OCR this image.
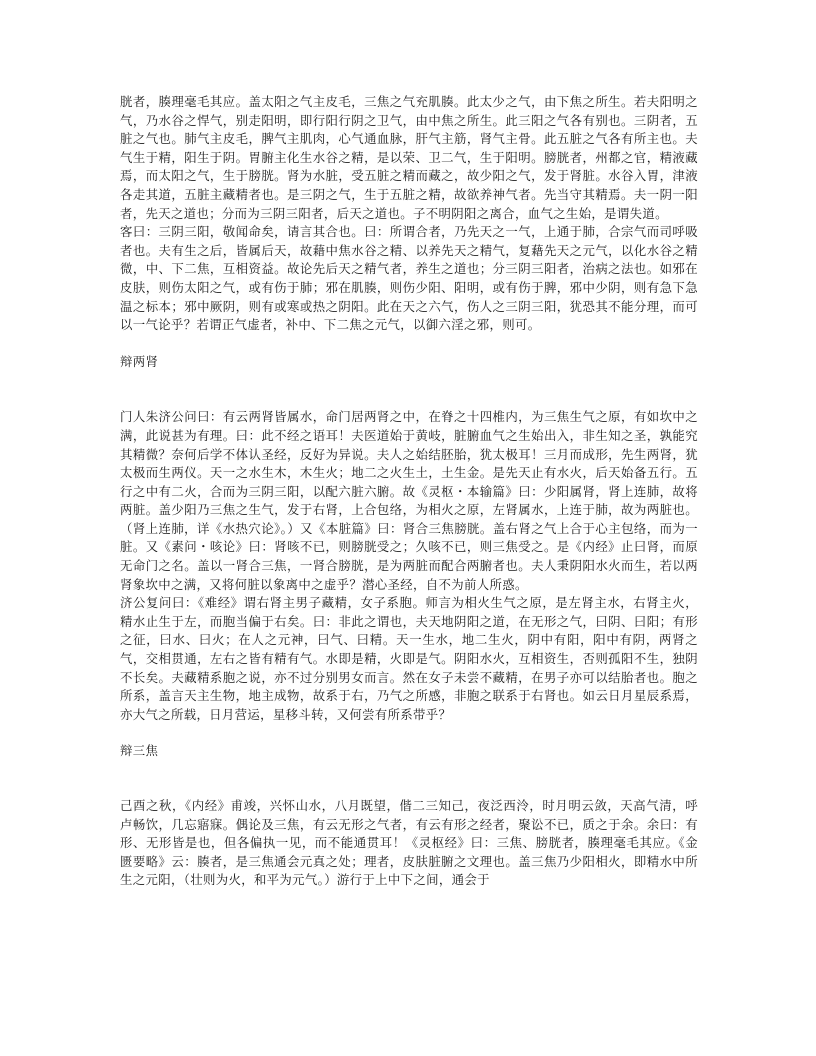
胱者，腠理毫毛其应。盖太阳之气主皮毛，三焦之气充肌腠。此太少之气，由下焦之所生。若夫阳明之气，乃水谷之悍气，别走阳明，即行阳行阴之卫气，由中焦之所生。此三阳之气各有别也。三阴者，五脏之气也。肺气主皮毛，脾气主肌肉，心气通血脉，肝气主筋，肾气主骨。此五脏之气各有所主也。夫气生于精，阳生于阴。胃腑主化生水谷之精，是以荣、卫二气，生于阳明。膀胱者，州都之官，精液藏焉，而太阳之气，生于膀胱。肾为水脏，受五脏之精而藏之，故少阳之气，发于肾脏。水谷入胃，津液各走其道，五脏主藏精者也。是三阴之气，生于五脏之精，故欲养神气者。先当守其精焉。夫一阴一阳者，先天之道也；分而为三阴三阳者，后天之道也。子不明阴阳之离合，血气之生始，是谓失道。

客曰：三阴三阳，敬闻命矣，请言其合也。曰：所谓合者，乃先天之一气，上通于肺，合宗气而司呼吸者也。夫有生之后，皆属后天，故藉中焦水谷之精、以养先天之精气，复藉先天之元气，以化水谷之精微，中、下二焦，互相资益。故论先后天之精气者，养生之道也；分三阴三阳者，治病之法也。如邪在皮肤，则伤太阳之气，或有伤于肺；邪在肌腠，则伤少阳、阳明，或有伤于脾，邪中少阴，则有急下急温之标本；邪中厥阴，则有或寒或热之阴阳。此在天之六气，伤人之三阴三阳，犹恐其不能分理，而可以一气论乎？若谓正气虚者，补中、下二焦之元气，以御六淫之邪，则可。

辩两肾

门人朱济公问曰：有云两肾皆属水，命门居两肾之中，在脊之十四椎内，为三焦生气之原，有如坎中之满，此说甚为有理。曰：此不经之语耳！夫医道始于黄岐，脏腑血气之生始出入，非生知之圣，孰能究其精微？奈何后学不体认圣经，反好为异说。夫人之始结胚胎，犹太极耳！三月而成形，先生两肾，犹太极而生两仪。天一之水生木，木生火；地二之火生土，土生金。是先天止有水火，后天始备五行。五行之中有二火，合而为三阴三阳，以配六脏六腑。故《灵枢・本输篇》曰：少阳属肾，肾上连肺，故将两脏。盖少阳乃三焦之生气，发于右肾，上合包络，为相火之原，左肾属水，上连于肺，故为两脏也。（肾上连肺，详《水热穴论》。）又《本脏篇》曰：肾合三焦膀胱。盖右肾之气上合于心主包络，而为一脏。又《素问・咳论》曰：肾咳不已，则膀胱受之；久咳不已，则三焦受之。是《内经》止曰肾，而原无命门之名。盖以一肾合三焦，一肾合膀胱，是为两脏而配合两腑者也。夫人秉阴阳水火而生，若以两肾象坎中之满，又将何脏以象离中之虚乎？潜心圣经，自不为前人所惑。

济公复问曰：《难经》谓右肾主男子藏精，女子系胞。师言为相火生气之原，是左肾主水，右肾主火，精水止生于左，而胞当偏于右矣。曰：非此之谓也，夫天地阴阳之道，在无形之气，曰阴、曰阳；有形之征，曰水、曰火；在人之元神，曰气、曰精。天一生水，地二生火，阴中有阳，阳中有阴，两肾之气，交相贯通，左右之皆有精有气。水即是精，火即是气。阴阳水火，互相资生，否则孤阳不生，独阴不长矣。夫藏精系胞之说，亦不过分别男女而言。然在女子未尝不藏精，在男子亦可以结胎者也。胞之所系，盖言天主生物，地主成物，故系于右，乃气之所感，非胞之联系于右肾也。如云日月星辰系焉，亦大气之所载，日月营运，星移斗转，又何尝有所系带乎？

辩三焦

己酉之秋，《内经》甫竣，兴怀山水，八月既望，偕二三知己，夜泛西泠，时月明云敛，天高气清，呼卢畅饮，几忘寤寐。偶论及三焦，有云无形之气者，有云有形之经者，聚讼不已，质之于余。余曰：有形、无形皆是也，但各偏执一见，而不能通贯耳！《灵枢经》曰：三焦、膀胱者，腠理毫毛其应。《金匮要略》云：腠者，是三焦通会元真之处；理者，皮肤脏腑之文理也。盖三焦乃少阳相火，即精水中所生之元阳，（壮则为火，和平为元气。）游行于上中下之间，通会于
